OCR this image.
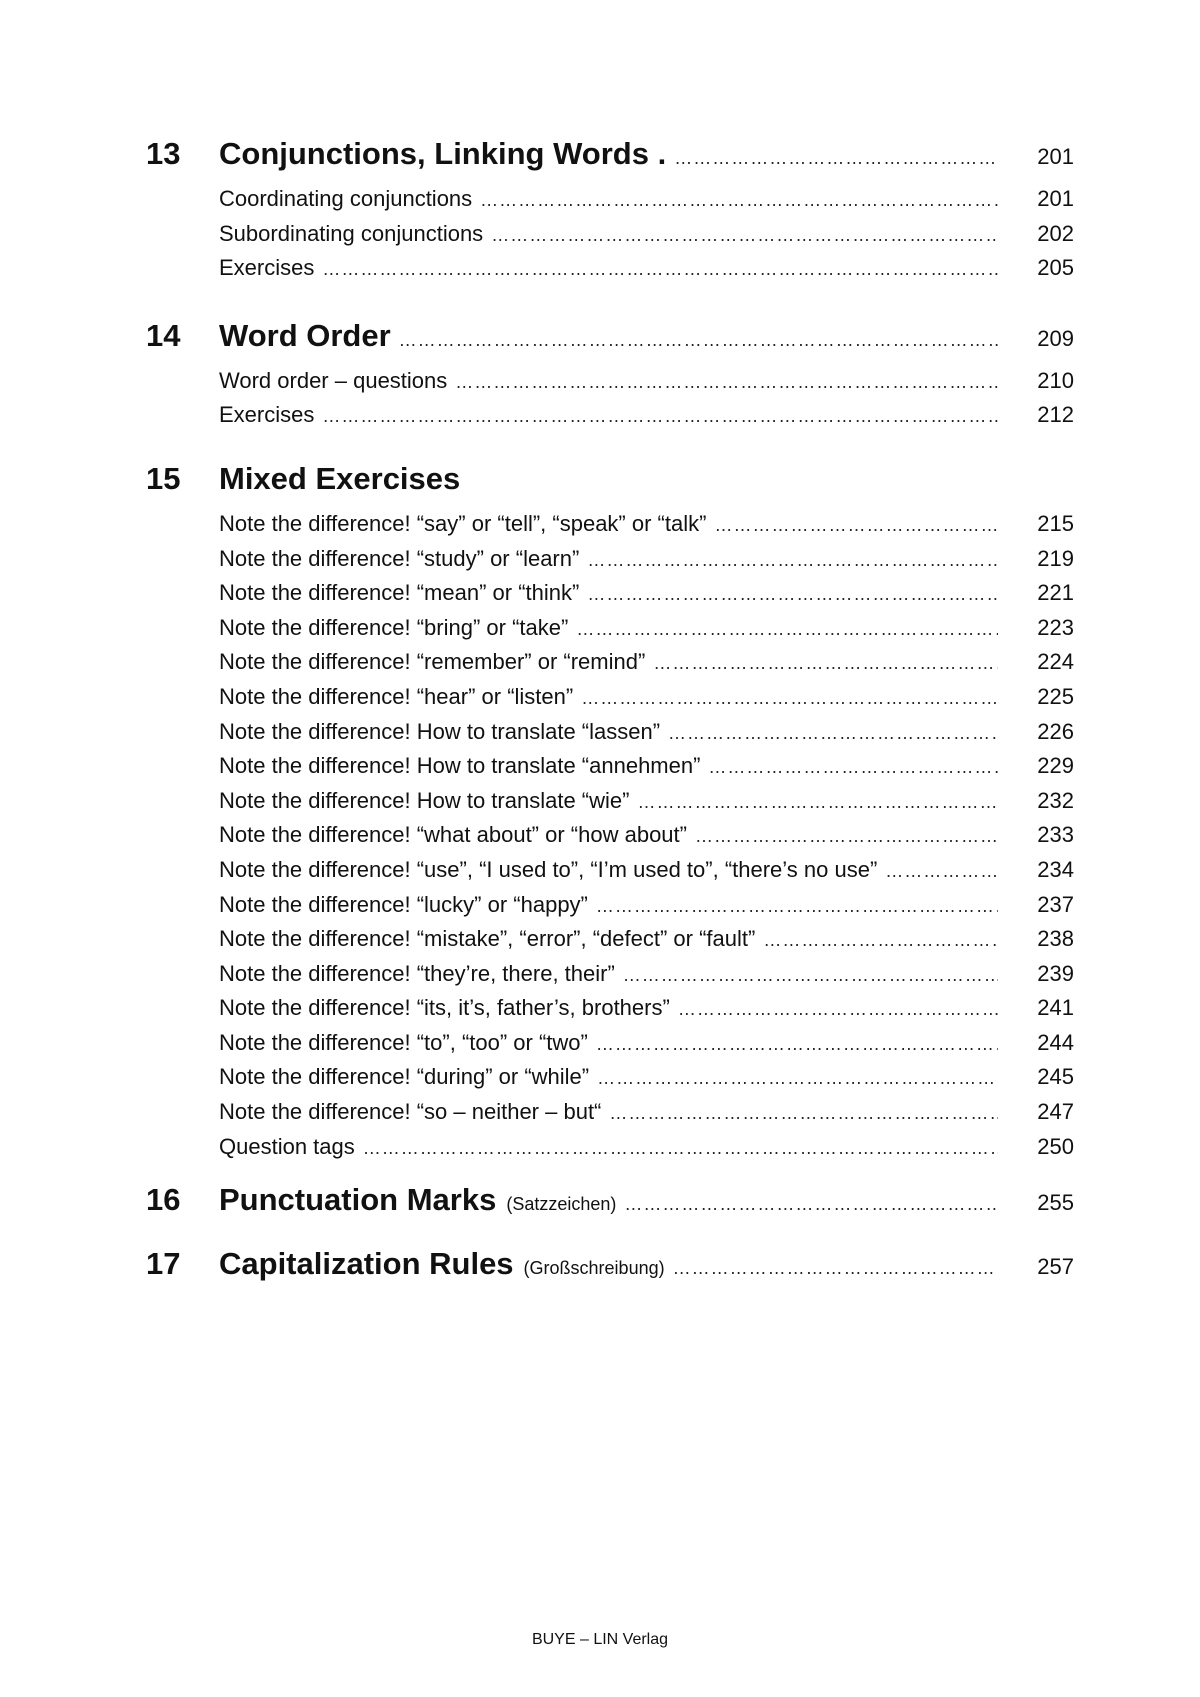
13	Conjunctions, Linking Words . ……………………………………………………………………………………………………………………………………………………………………	201
Coordinating conjunctions ……………………………………………………………………………………………………………………………………………………………………	201
Subordinating conjunctions ……………………………………………………………………………………………………………………………………………………………………	202
Exercises ……………………………………………………………………………………………………………………………………………………………………	205
14	Word Order ……………………………………………………………………………………………………………………………………………………………………	209
Word order – questions ……………………………………………………………………………………………………………………………………………………………………	210
Exercises ……………………………………………………………………………………………………………………………………………………………………	212
15	Mixed Exercises
Note the difference! “say” or “tell”, “speak” or “talk” ……………………………………………………………………………………………………………………………………………………………………	215
Note the difference! “study” or “learn” ……………………………………………………………………………………………………………………………………………………………………	219
Note the difference! “mean” or “think” ……………………………………………………………………………………………………………………………………………………………………	221
Note the difference! “bring” or “take” ……………………………………………………………………………………………………………………………………………………………………	223
Note the difference! “remember” or “remind” ……………………………………………………………………………………………………………………………………………………………………	224
Note the difference! “hear” or “listen” ……………………………………………………………………………………………………………………………………………………………………	225
Note the difference! How to translate “lassen” ……………………………………………………………………………………………………………………………………………………………………	226
Note the difference! How to translate “annehmen” ……………………………………………………………………………………………………………………………………………………………………	229
Note the difference! How to translate “wie” ……………………………………………………………………………………………………………………………………………………………………	232
Note the difference! “what about” or “how about” ……………………………………………………………………………………………………………………………………………………………………	233
Note the difference! “use”, “I used to”, “I’m used to”, “there’s no use” ……………………………………………………………………………………………………………………………………………………………………	234
Note the difference! “lucky” or “happy” ……………………………………………………………………………………………………………………………………………………………………	237
Note the difference! “mistake”, “error”, “defect” or “fault” ……………………………………………………………………………………………………………………………………………………………………	238
Note the difference! “they’re, there, their” ……………………………………………………………………………………………………………………………………………………………………	239
Note the difference! “its, it’s, father’s, brothers” ……………………………………………………………………………………………………………………………………………………………………	241
Note the difference! “to”, “too” or “two” ……………………………………………………………………………………………………………………………………………………………………	244
Note the difference! “during” or “while” ……………………………………………………………………………………………………………………………………………………………………	245
Note the difference! “so – neither – but“ ……………………………………………………………………………………………………………………………………………………………………	247
Question tags ……………………………………………………………………………………………………………………………………………………………………	250
16	Punctuation Marks (Satzzeichen) ……………………………………………………………………………………………………………………………………………………………………	255
17	Capitalization Rules (Großschreibung) ……………………………………………………………………………………………………………………………………………………………………	257
BUYE – LIN Verlag
